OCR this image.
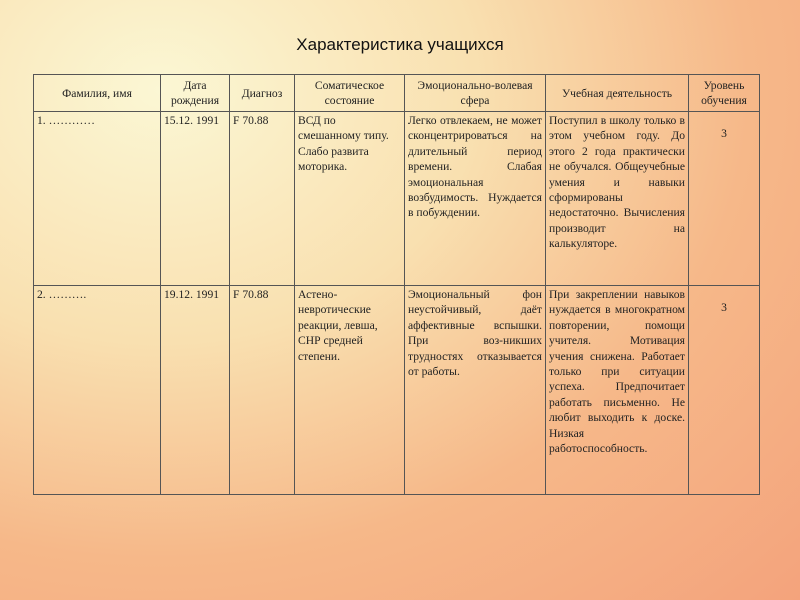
Характеристика учащихся
Фамилия, имя	Дата рождения	Диагноз	Соматическое состояние	Эмоционально-волевая сфера	Учебная деятельность	Уровень обучения
1. …………	15.12. 1991	F 70.88	ВСД по смешанному типу. Слабо развита моторика.	Легко отвлекаем, не может сконцентрироваться на длительный период времени. Слабая эмоциональная возбудимость. Нуждается в побуждении.	Поступил в школу только в этом учебном году. До этого 2 года практически не обучался. Общеучебные умения и навыки сформированы недостаточно. Вычисления производит на калькуляторе.	3
2. ……….	19.12. 1991	F 70.88	Астено-невротические реакции, левша, СНР средней степени.	Эмоциональный фон неустойчивый, даёт аффективные вспышки. При воз-никших трудностях отказывается от работы.	При закреплении навыков нуждается в многократном повторении, помощи учителя. Мотивация учения снижена. Работает только при ситуации успеха. Предпочитает работать письменно. Не любит выходить к доске. Низкая работоспособность.	3
